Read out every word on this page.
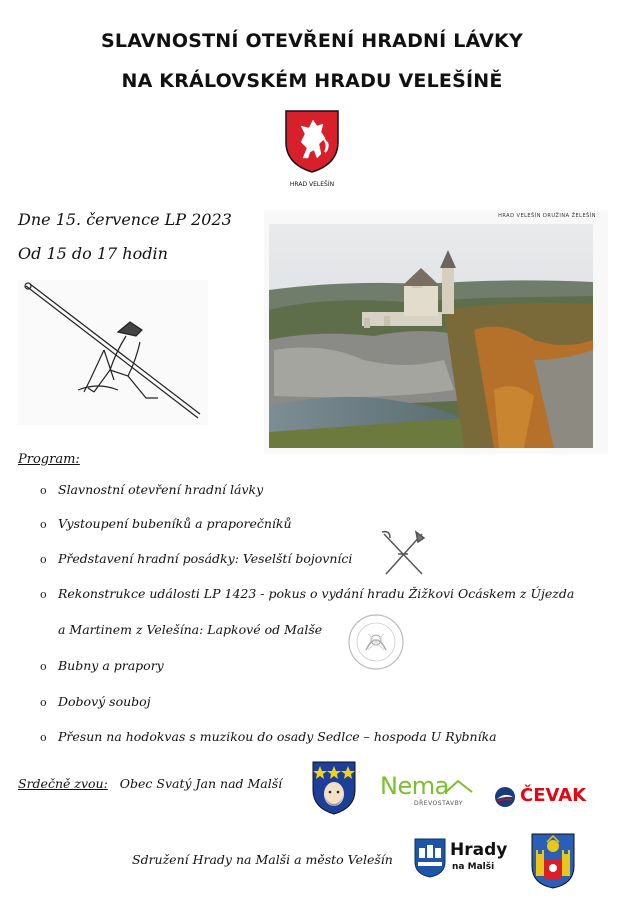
SLAVNOSTNÍ OTEVŘENÍ HRADNÍ LÁVKY
NA KRÁLOVSKÉM HRADU VELEŠÍNĚ
HRAD VELEŠÍN
Dne 15. července LP 2023
Od 15 do 17 hodin
HRAD VELEŠÍN DRUŽINA ŽELEŠÍN
Program:
o Slavnostní otevření hradní lávky
o Vystoupení bubeníků a praporečníků
o Představení hradní posádky: Veselští bojovníci
o Rekonstrukce události LP 1423 - pokus o vydání hradu Žižkovi Ocáskem z Újezda
a Martinem z Velešína: Lapkové od Malše
o Bubny a prapory
o Dobový souboj
o Přesun na hodokvas s muzikou do osady Sedlce – hospoda U Rybníka
Srdečně zvou: Obec Svatý Jan nad Malší	Nema
DŘEVOSTAVBY	ČEVAK
Sdružení Hrady na Malši a město Velešín	Hrady
na Malši
